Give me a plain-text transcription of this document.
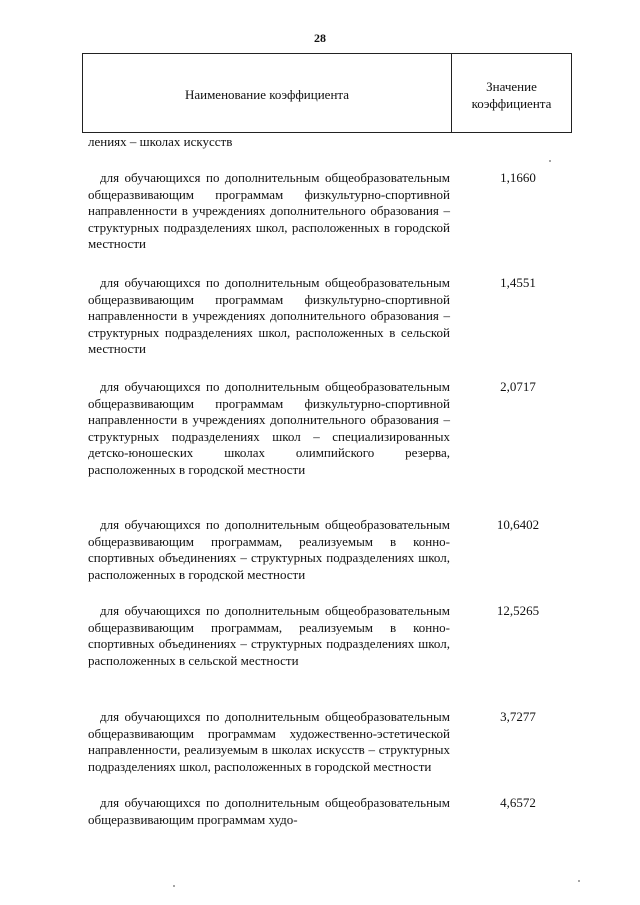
28
Наименование коэффициента
Значение
коэффициента
лениях – школах искусств
для обучающихся по дополнительным общеобразовательным общеразвивающим программам физкультурно-спортивной направленности в учреждениях дополнительного образования – структурных подразделениях школ, расположенных в городской местности
1,1660
для обучающихся по дополнительным общеобразовательным общеразвивающим программам физкультурно-спортивной направленности в учреждениях дополнительного образования – структурных подразделениях школ, расположенных в сельской местности
1,4551
для обучающихся по дополнительным общеобразовательным общеразвивающим программам физкультурно-спортивной направленности в учреждениях дополнительного образования – структурных подразделениях школ – специализированных детско-юношеских школах олимпийского резерва, расположенных в городской местности
2,0717
для обучающихся по дополнительным общеобразовательным общеразвивающим программам, реализуемым в конно-спортивных объединениях – структурных подразделениях школ, расположенных в городской местности
10,6402
для обучающихся по дополнительным общеобразовательным общеразвивающим программам, реализуемым в конно-спортивных объединениях – структурных подразделениях школ, расположенных в сельской местности
12,5265
для обучающихся по дополнительным общеобразовательным общеразвивающим программам художественно-эстетической направленности, реализуемым в школах искусств – структурных подразделениях школ, расположенных в городской местности
3,7277
для обучающихся по дополнительным общеобразовательным общеразвивающим программам худо-
4,6572
